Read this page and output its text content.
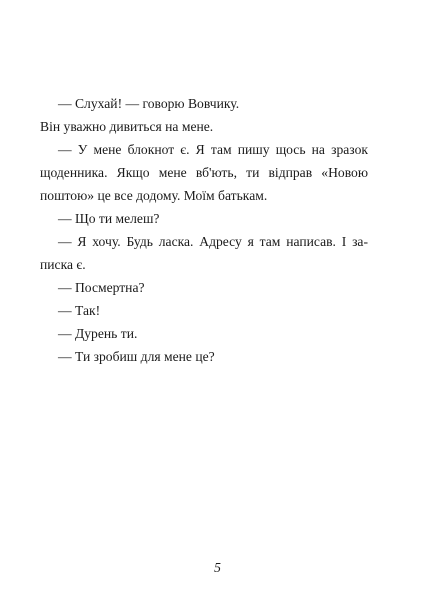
— Слухай! — говорю Вовчику.

Він уважно дивиться на мене.

— У мене блокнот є. Я там пишу щось на зразок
щоденника. Якщо мене вб'ють, ти відправ «Новою
поштою» це все додому. Моїм батькам.

— Що ти мелеш?

— Я хочу. Будь ласка. Адресу я там написав. І за-
писка є.

— Посмертна?

— Так!

— Дурень ти.

— Ти зробиш для мене це?

5
